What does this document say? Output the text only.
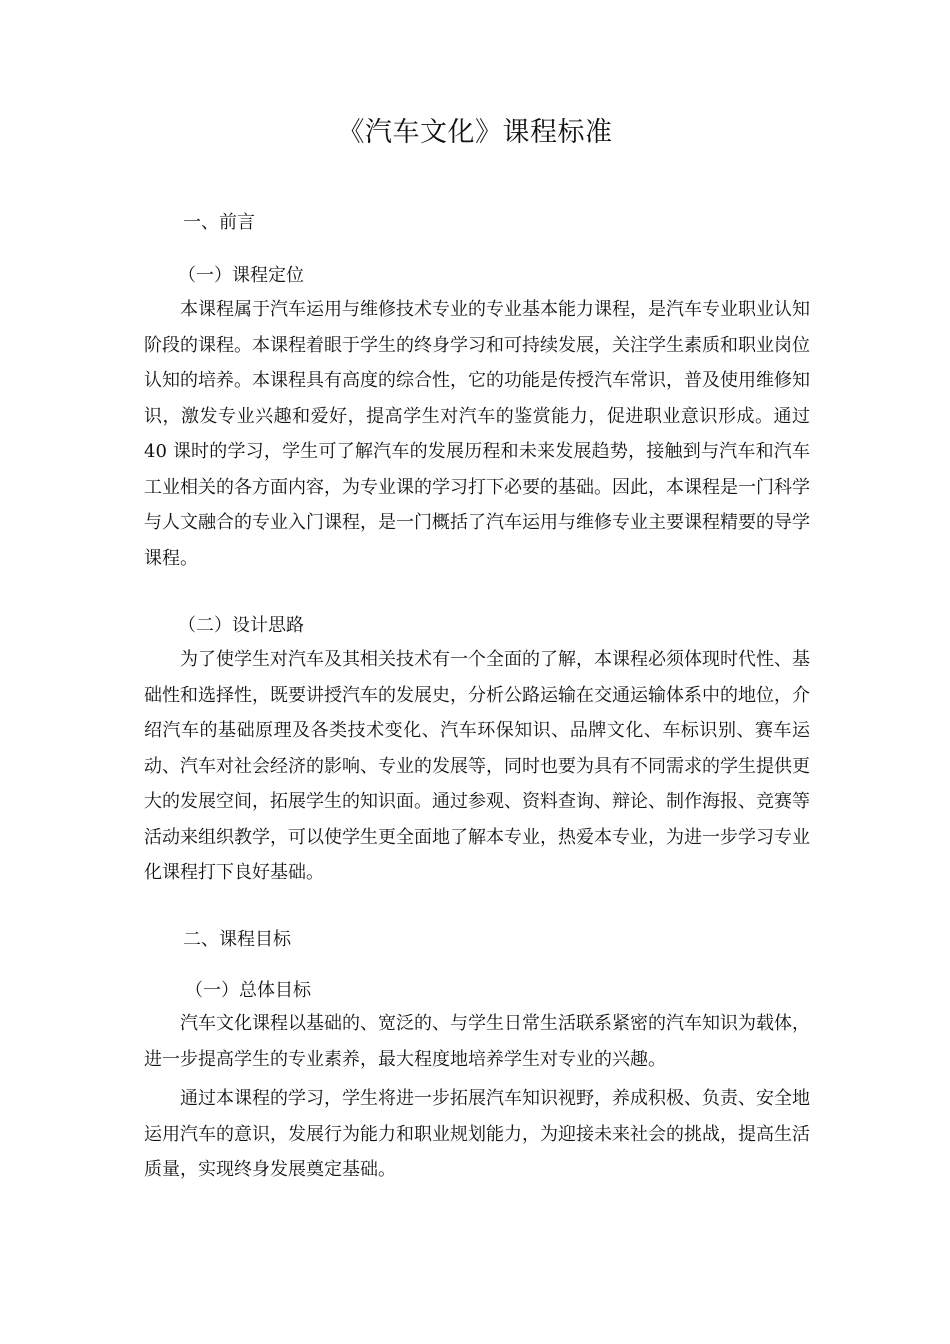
《汽车文化》课程标准
一、前言
（一）课程定位

本课程属于汽车运用与维修技术专业的专业基本能力课程，是汽车专业职业认知阶段的课程。本课程着眼于学生的终身学习和可持续发展，关注学生素质和职业岗位认知的培养。本课程具有高度的综合性，它的功能是传授汽车常识，普及使用维修知识，激发专业兴趣和爱好，提高学生对汽车的鉴赏能力，促进职业意识形成。通过 40 课时的学习，学生可了解汽车的发展历程和未来发展趋势，接触到与汽车和汽车工业相关的各方面内容，为专业课的学习打下必要的基础。因此，本课程是一门科学与人文融合的专业入门课程，是一门概括了汽车运用与维修专业主要课程精要的导学课程。

（二）设计思路

为了使学生对汽车及其相关技术有一个全面的了解，本课程必须体现时代性、基础性和选择性，既要讲授汽车的发展史，分析公路运输在交通运输体系中的地位，介绍汽车的基础原理及各类技术变化、汽车环保知识、品牌文化、车标识别、赛车运动、汽车对社会经济的影响、专业的发展等，同时也要为具有不同需求的学生提供更大的发展空间，拓展学生的知识面。通过参观、资料查询、辩论、制作海报、竞赛等活动来组织教学，可以使学生更全面地了解本专业，热爱本专业，为进一步学习专业化课程打下良好基础。

二、课程目标
（一）总体目标

汽车文化课程以基础的、宽泛的、与学生日常生活联系紧密的汽车知识为载体，进一步提高学生的专业素养，最大程度地培养学生对专业的兴趣。

通过本课程的学习，学生将进一步拓展汽车知识视野，养成积极、负责、安全地运用汽车的意识，发展行为能力和职业规划能力，为迎接未来社会的挑战，提高生活质量，实现终身发展奠定基础。
